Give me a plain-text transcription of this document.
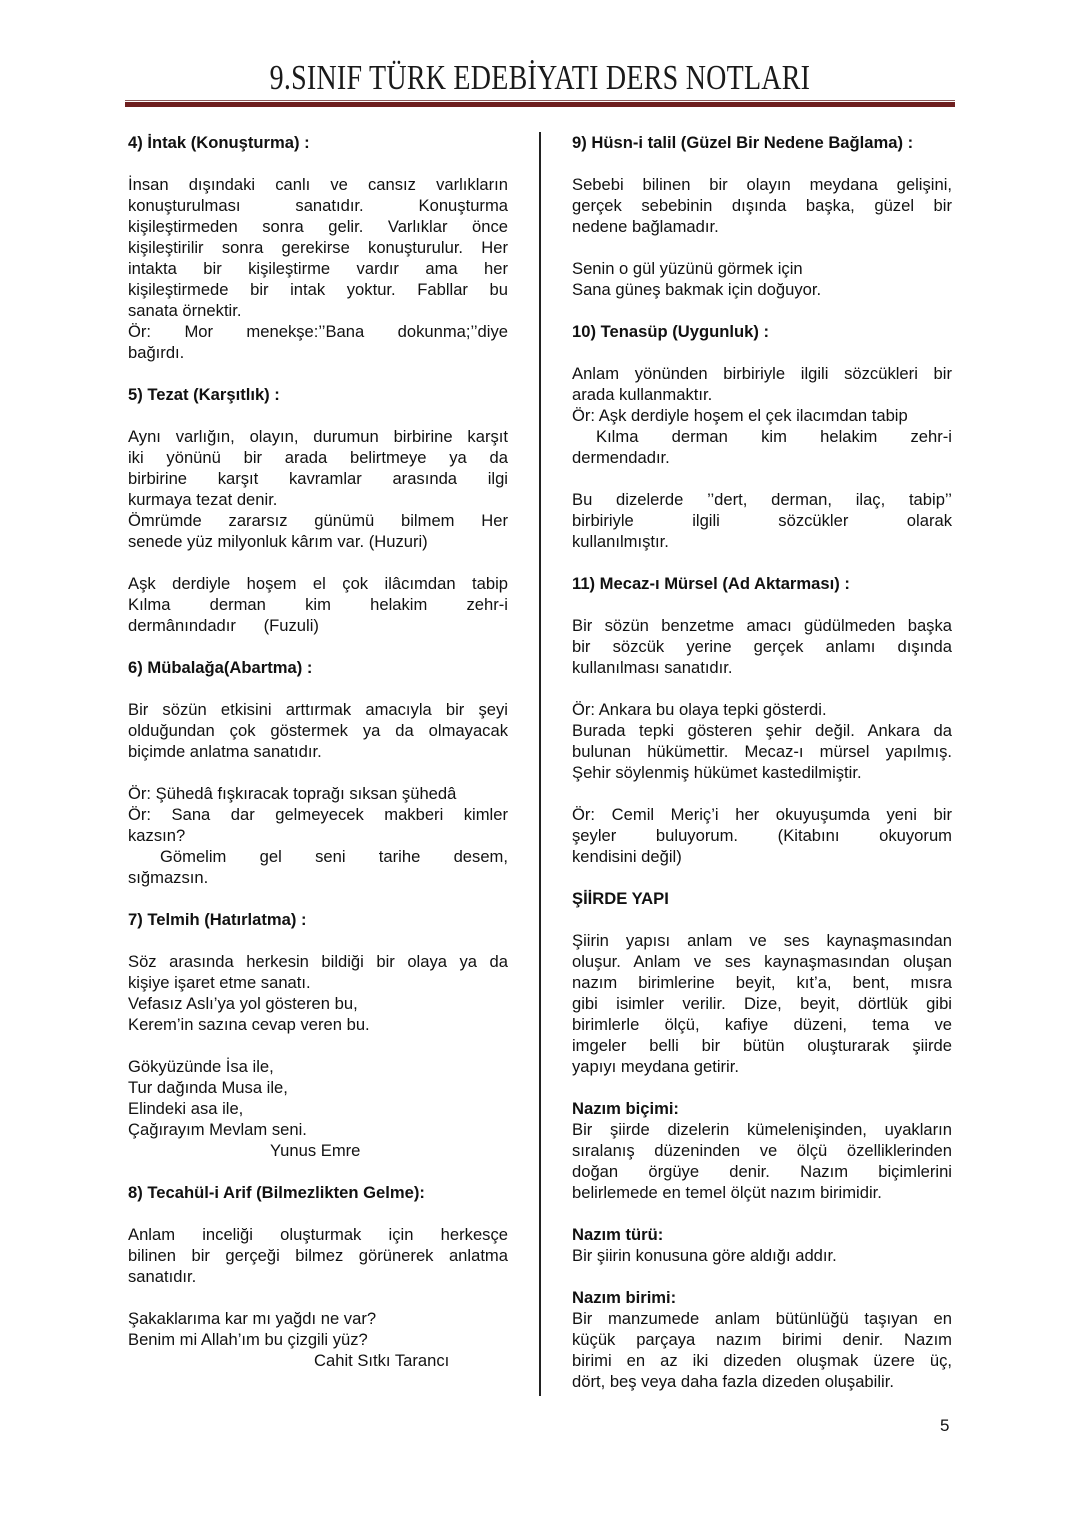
9.SINIF TÜRK EDEBİYATI DERS NOTLARI
4) İntak (Konuşturma) :
İnsan dışındaki canlı ve cansız varlıkların
konuşturulması sanatıdır. Konuşturma
kişileştirmeden sonra gelir. Varlıklar önce
kişileştirilir sonra gerekirse konuşturulur. Her
intakta bir kişileştirme vardır ama her
kişileştirmede bir intak yoktur. Fabllar bu
sanata örnektir.
Ör: Mor menekşe:’’Bana dokunma;’’diye
bağırdı.
5) Tezat (Karşıtlık) :
Aynı varlığın, olayın, durumun birbirine karşıt
iki yönünü bir arada belirtmeye ya da
birbirine karşıt kavramlar arasında ilgi
kurmaya tezat denir.
Ömrümde zararsız günümü bilmem Her
senede yüz milyonluk kârım var. (Huzuri)
Aşk derdiyle hoşem el çok ilâcımdan tabip
Kılma derman kim helakim zehr-i
dermânındadır      (Fuzuli)
6) Mübalağa(Abartma) :
Bir sözün etkisini arttırmak amacıyla bir şeyi
olduğundan çok göstermek ya da olmayacak
biçimde anlatma sanatıdır.
Ör: Şühedâ fışkıracak toprağı sıksan şühedâ
Ör: Sana dar gelmeyecek makberi kimler
kazsın?
Gömelim gel seni tarihe desem,
sığmazsın.
7) Telmih (Hatırlatma) :
Söz arasında herkesin bildiği bir olaya ya da
kişiye işaret etme sanatı.
Vefasız Aslı’ya yol gösteren bu,
Kerem’in sazına cevap veren bu.
Gökyüzünde İsa ile,
Tur dağında Musa ile,
Elindeki asa ile,
Çağırayım Mevlam seni.
Yunus Emre
8) Tecahül-i Arif (Bilmezlikten Gelme):
Anlam inceliği oluşturmak için herkesçe
bilinen bir gerçeği bilmez görünerek anlatma
sanatıdır.
Şakaklarıma kar mı yağdı ne var?
Benim mi Allah’ım bu çizgili yüz?
Cahit Sıtkı Tarancı
9) Hüsn-i talil (Güzel Bir Nedene Bağlama) :
Sebebi bilinen bir olayın meydana gelişini,
gerçek sebebinin dışında başka, güzel bir
nedene bağlamadır.
Senin o gül yüzünü görmek için
Sana güneş bakmak için doğuyor.
10) Tenasüp (Uygunluk) :
Anlam yönünden birbiriyle ilgili sözcükleri bir
arada kullanmaktır.
Ör: Aşk derdiyle hoşem el çek ilacımdan tabip
Kılma derman kim helakim zehr-i
dermendadır.
Bu dizelerde ’’dert, derman, ilaç, tabip’’
birbiriyle ilgili sözcükler olarak
kullanılmıştır.
11) Mecaz-ı Mürsel (Ad Aktarması) :
Bir sözün benzetme amacı güdülmeden başka
bir sözcük yerine gerçek anlamı dışında
kullanılması sanatıdır.
Ör: Ankara bu olaya tepki gösterdi.
Burada tepki gösteren şehir değil. Ankara da
bulunan hükümettir. Mecaz-ı mürsel yapılmış.
Şehir söylenmiş hükümet kastedilmiştir.
Ör: Cemil Meriç’i her okuyuşumda yeni bir
şeyler buluyorum. (Kitabını okuyorum
kendisini değil)
ŞİİRDE YAPI
Şiirin yapısı anlam ve ses kaynaşmasından
oluşur. Anlam ve ses kaynaşmasından oluşan
nazım birimlerine beyit, kıt’a, bent, mısra
gibi isimler verilir. Dize, beyit, dörtlük gibi
birimlerle ölçü, kafiye düzeni, tema ve
imgeler belli bir bütün oluşturarak şiirde
yapıyı meydana getirir.
Nazım biçimi:
Bir şiirde dizelerin kümelenişinden, uyakların
sıralanış düzeninden ve ölçü özelliklerinden
doğan örgüye denir. Nazım biçimlerini
belirlemede en temel ölçüt nazım birimidir.
Nazım türü:
Bir şiirin konusuna göre aldığı addır.
Nazım birimi:
Bir manzumede anlam bütünlüğü taşıyan en
küçük parçaya nazım birimi denir. Nazım
birimi en az iki dizeden oluşmak üzere üç,
dört, beş veya daha fazla dizeden oluşabilir.
5
